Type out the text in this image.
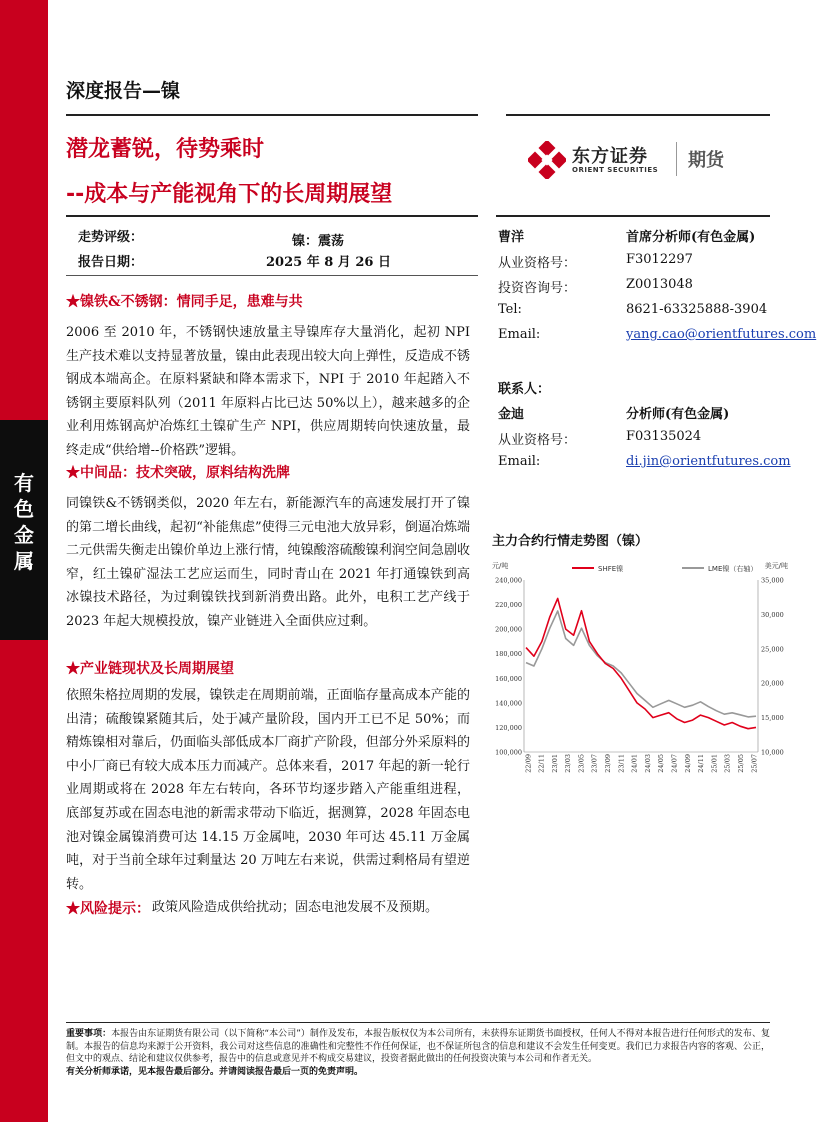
有
色
金
属
深度报告—镍
潜龙蓄锐，待势乘时
--成本与产能视角下的长周期展望
东方证券
ORIENT SECURITIES 期货
走势评级：	镍：震荡
报告日期：	2025 年 8 月 26 日
★镍铁&不锈钢：情同手足，患难与共
2006 至 2010 年，不锈钢快速放量主导镍库存大量消化，起初 NPI 生产技术难以支持显著放量，镍由此表现出较大向上弹性，反造成不锈钢成本端高企。在原料紧缺和降本需求下，NPI 于 2010 年起踏入不锈钢主要原料队列（2011 年原料占比已达 50%以上），越来越多的企业利用炼钢高炉冶炼红土镍矿生产 NPI，供应周期转向快速放量，最终走成“供给增--价格跌”逻辑。
★中间品：技术突破，原料结构洗牌
同镍铁&不锈钢类似，2020 年左右，新能源汽车的高速发展打开了镍的第二增长曲线，起初“补能焦虑”使得三元电池大放异彩，倒逼冶炼端二元供需失衡走出镍价单边上涨行情，纯镍酸溶硫酸镍利润空间急剧收窄，红土镍矿湿法工艺应运而生，同时青山在 2021 年打通镍铁到高冰镍技术路径，为过剩镍铁找到新消费出路。此外，电积工艺产线于 2023 年起大规模投放，镍产业链进入全面供应过剩。
★产业链现状及长周期展望
依照朱格拉周期的发展，镍铁走在周期前端，正面临存量高成本产能的出清；硫酸镍紧随其后，处于减产量阶段，国内开工已不足 50%；而精炼镍相对靠后，仍面临头部低成本厂商扩产阶段，但部分外采原料的中小厂商已有较大成本压力而减产。总体来看，2017 年起的新一轮行业周期或将在 2028 年左右转向，各环节均逐步踏入产能重组进程，底部复苏或在固态电池的新需求带动下临近，据测算，2028 年固态电池对镍金属镍消费可达 14.15 万金属吨，2030 年可达 45.11 万金属吨，对于当前全球年过剩量达 20 万吨左右来说，供需过剩格局有望逆转。
★风险提示： 政策风险造成供给扰动；固态电池发展不及预期。
曹洋	首席分析师(有色金属)
从业资格号：	F3012297
投资咨询号：	Z0013048
Tel:	8621-63325888-3904
Email:	yang.cao@orientfutures.com
联系人：
金迪	分析师(有色金属)
从业资格号：	F03135024
Email:	di.jin@orientfutures.com
主力合约行情走势图（镍）
元/吨	美元/吨
SHFE镍	LME镍（右轴）
240,000
220,000
200,000
180,000
160,000
140,000
120,000
100,000
35,000
30,000
25,000
20,000
15,000
10,000
22/09 22/11 23/01 23/03 23/05 23/07 23/09 23/11 24/01 24/03 24/05 24/07 24/09 24/11 25/01 25/03 25/05 25/07
重要事项：本报告由东证期货有限公司（以下简称“本公司”）制作及发布，本报告版权仅为本公司所有，未获得东证期货书面授权，任何人不得对本报告进行任何形式的发布、复制。本报告的信息均来源于公开资料，我公司对这些信息的准确性和完整性不作任何保证，也不保证所包含的信息和建议不会发生任何变更。我们已力求报告内容的客观、公正，但文中的观点、结论和建议仅供参考，报告中的信息或意见并不构成交易建议，投资者据此做出的任何投资决策与本公司和作者无关。
有关分析师承诺，见本报告最后部分。并请阅读报告最后一页的免责声明。
